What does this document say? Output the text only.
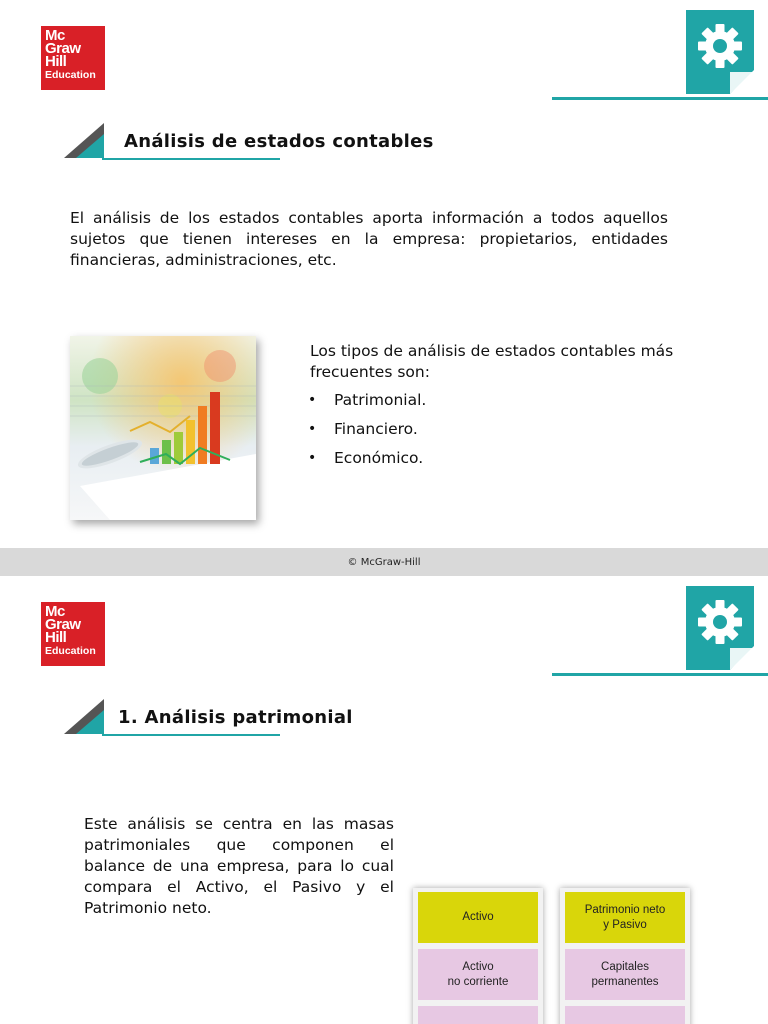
Mc
Graw
Hill
Education
Análisis de estados contables

El análisis de los estados contables aporta información a todos aquellos sujetos que tienen intereses en la empresa: propietarios, entidades financieras, administraciones, etc.

Los tipos de análisis de estados contables más frecuentes son:

•	Patrimonial.
•	Financiero.
•	Económico.
© McGraw-Hill
Mc
Graw
Hill
Education
1. Análisis patrimonial

Este análisis se centra en las masas patrimoniales que componen el balance de una empresa, para lo cual compara el Activo, el Pasivo y el Patrimonio neto.	Activo
Activo
no corriente
Patrimonio neto
y Pasivo
Capitales
permanentes
